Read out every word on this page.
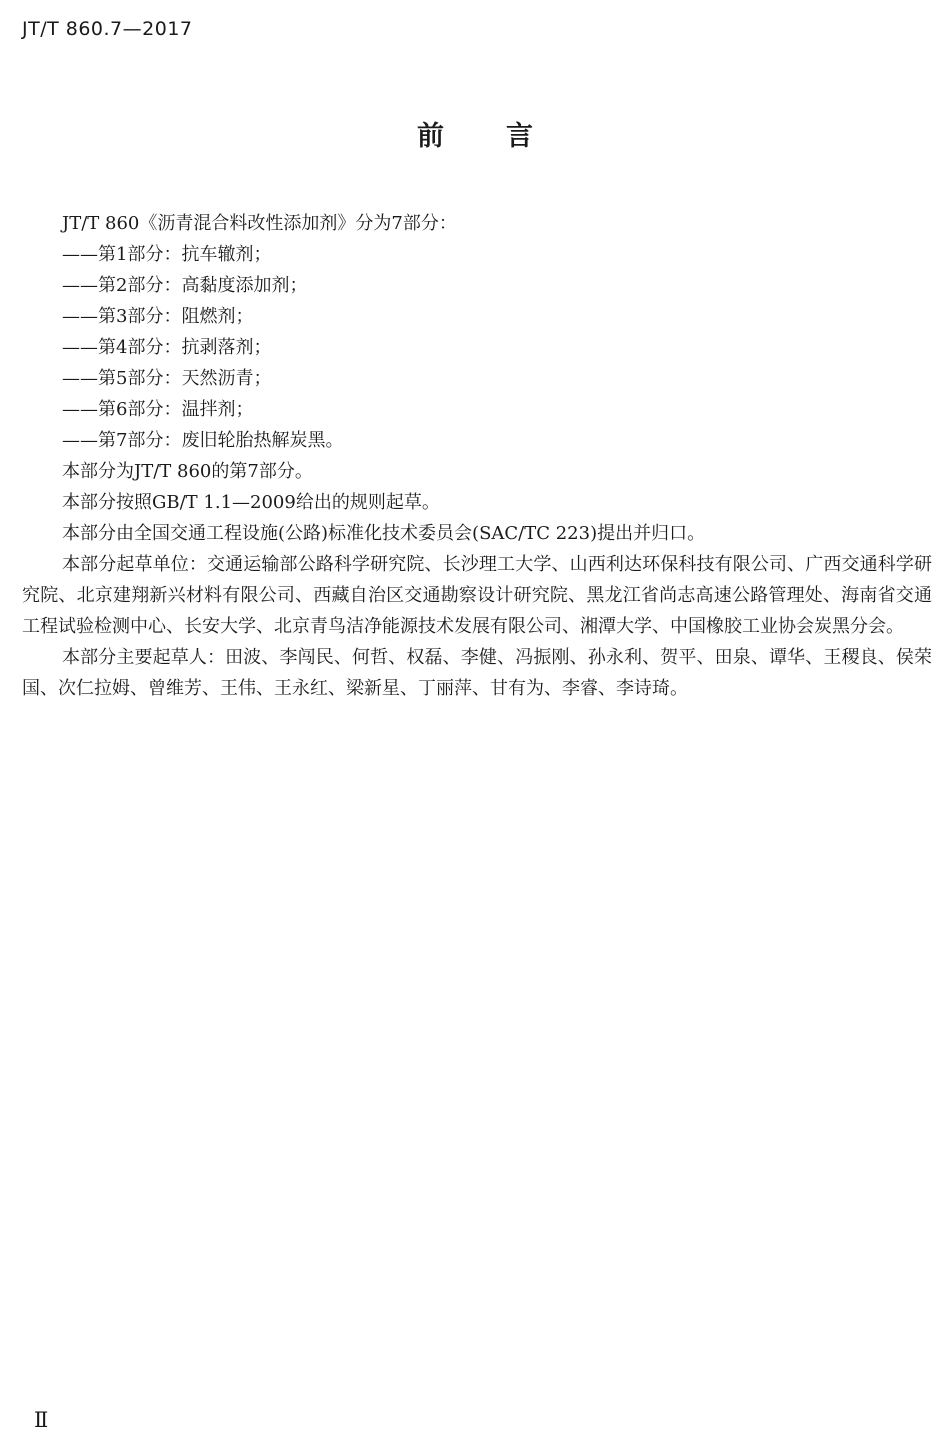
JT/T 860.7—2017
前言

JT/T 860《沥青混合料改性添加剂》分为7部分：

——第1部分：抗车辙剂；

——第2部分：高黏度添加剂；

——第3部分：阻燃剂；

——第4部分：抗剥落剂；

——第5部分：天然沥青；

——第6部分：温拌剂；

——第7部分：废旧轮胎热解炭黑。

本部分为JT/T 860的第7部分。

本部分按照GB/T 1.1—2009给出的规则起草。

本部分由全国交通工程设施(公路)标准化技术委员会(SAC/TC 223)提出并归口。

本部分起草单位：交通运输部公路科学研究院、长沙理工大学、山西利达环保科技有限公司、广西交通科学研究院、北京建翔新兴材料有限公司、西藏自治区交通勘察设计研究院、黑龙江省尚志高速公路管理处、海南省交通工程试验检测中心、长安大学、北京青鸟洁净能源技术发展有限公司、湘潭大学、中国橡胶工业协会炭黑分会。

本部分主要起草人：田波、李闯民、何哲、权磊、李健、冯振刚、孙永利、贺平、田泉、谭华、王稷良、侯荣国、次仁拉姆、曾维芳、王伟、王永红、梁新星、丁丽萍、甘有为、李睿、李诗琦。

Ⅱ
